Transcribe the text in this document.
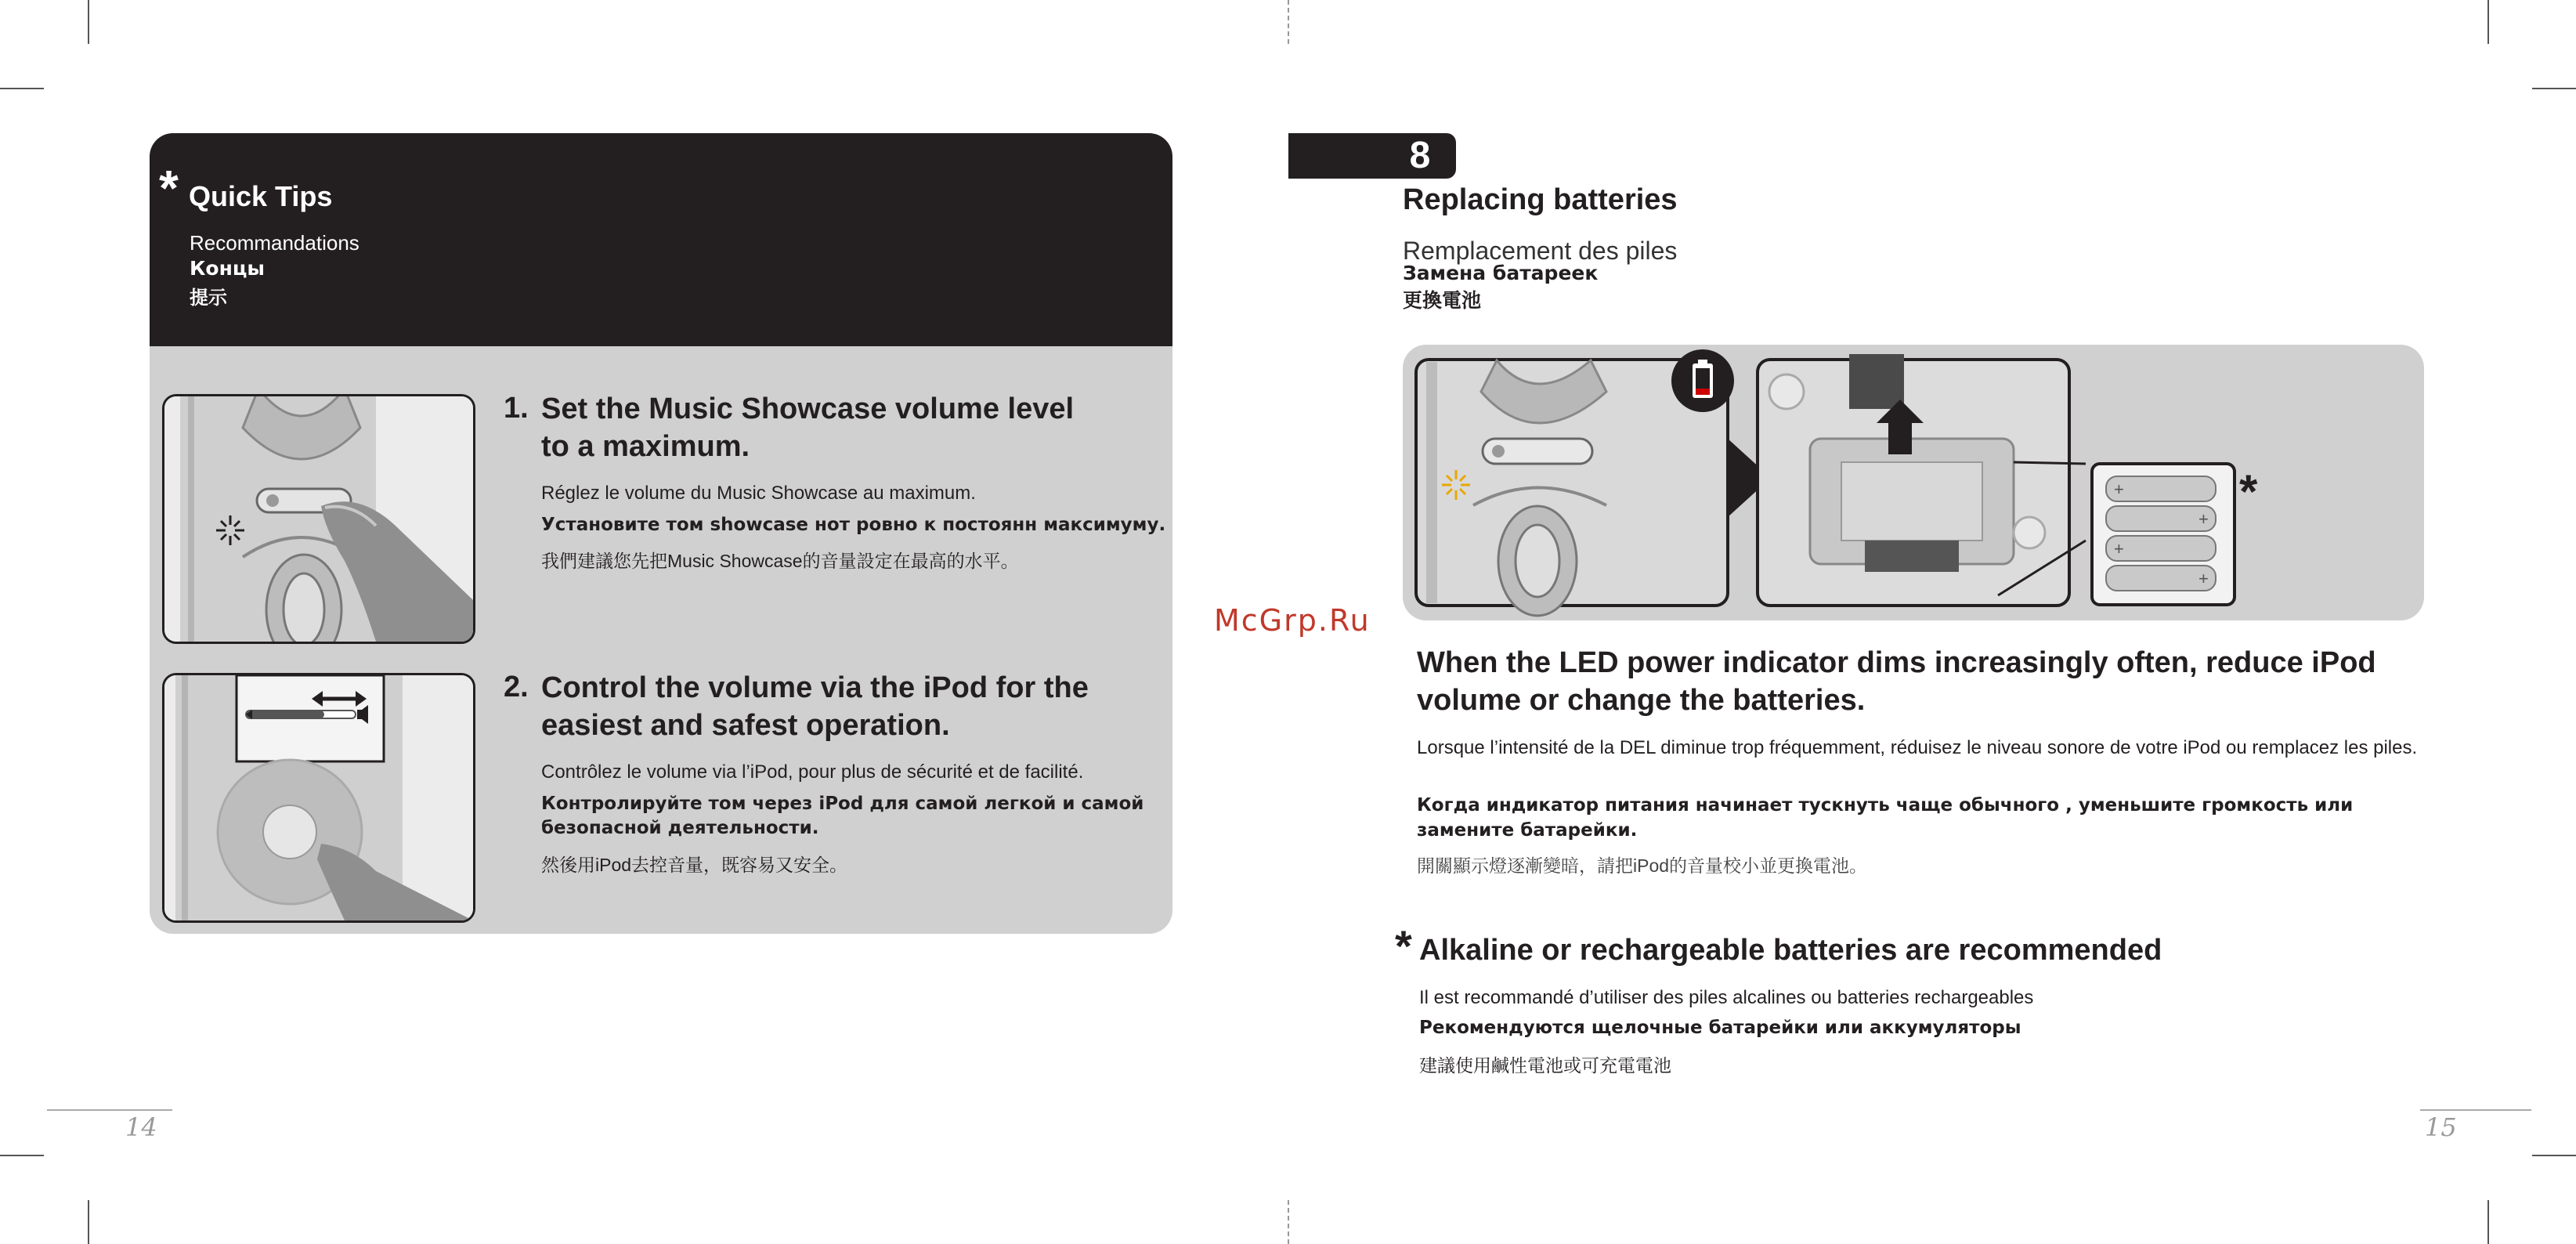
* Quick Tips
Recommandations
Концы
提示
1. Set the Music Showcase volume level
to a maximum.
Réglez le volume du Music Showcase au maximum.
Установите том showcase нот ровно к постоянн максимуму.
我們建議您先把Music Showcase的音量設定在最高的水平。
2. Control the volume via the iPod for the
easiest and safest operation.
Contrôlez le volume via l’iPod, pour plus de sécurité et de facilité.
Контролируйте том через iPod для самой легкой и самой
безопасной деятельности.
然後用iPod去控音量，既容易又安全。
14
McGrp.Ru
8
Replacing batteries
Remplacement des piles
Замена батареек
更換電池
+
+
+
+
*
When the LED power indicator dims increasingly often, reduce iPod
volume or change the batteries.
Lorsque l’intensité de la DEL diminue trop fréquemment, réduisez le niveau sonore de votre iPod ou remplacez les piles.
Когда индикатор питания начинает тускнуть чаще обычного , уменьшите громкость или замените батарейки.
開關顯示燈逐漸變暗，請把iPod的音量校小並更換電池。
* Alkaline or rechargeable batteries are recommended
Il est recommandé d’utiliser des piles alcalines ou batteries rechargeables
Рекомендуются щелочные батарейки или аккумуляторы
建議使用鹹性電池或可充電電池
15
